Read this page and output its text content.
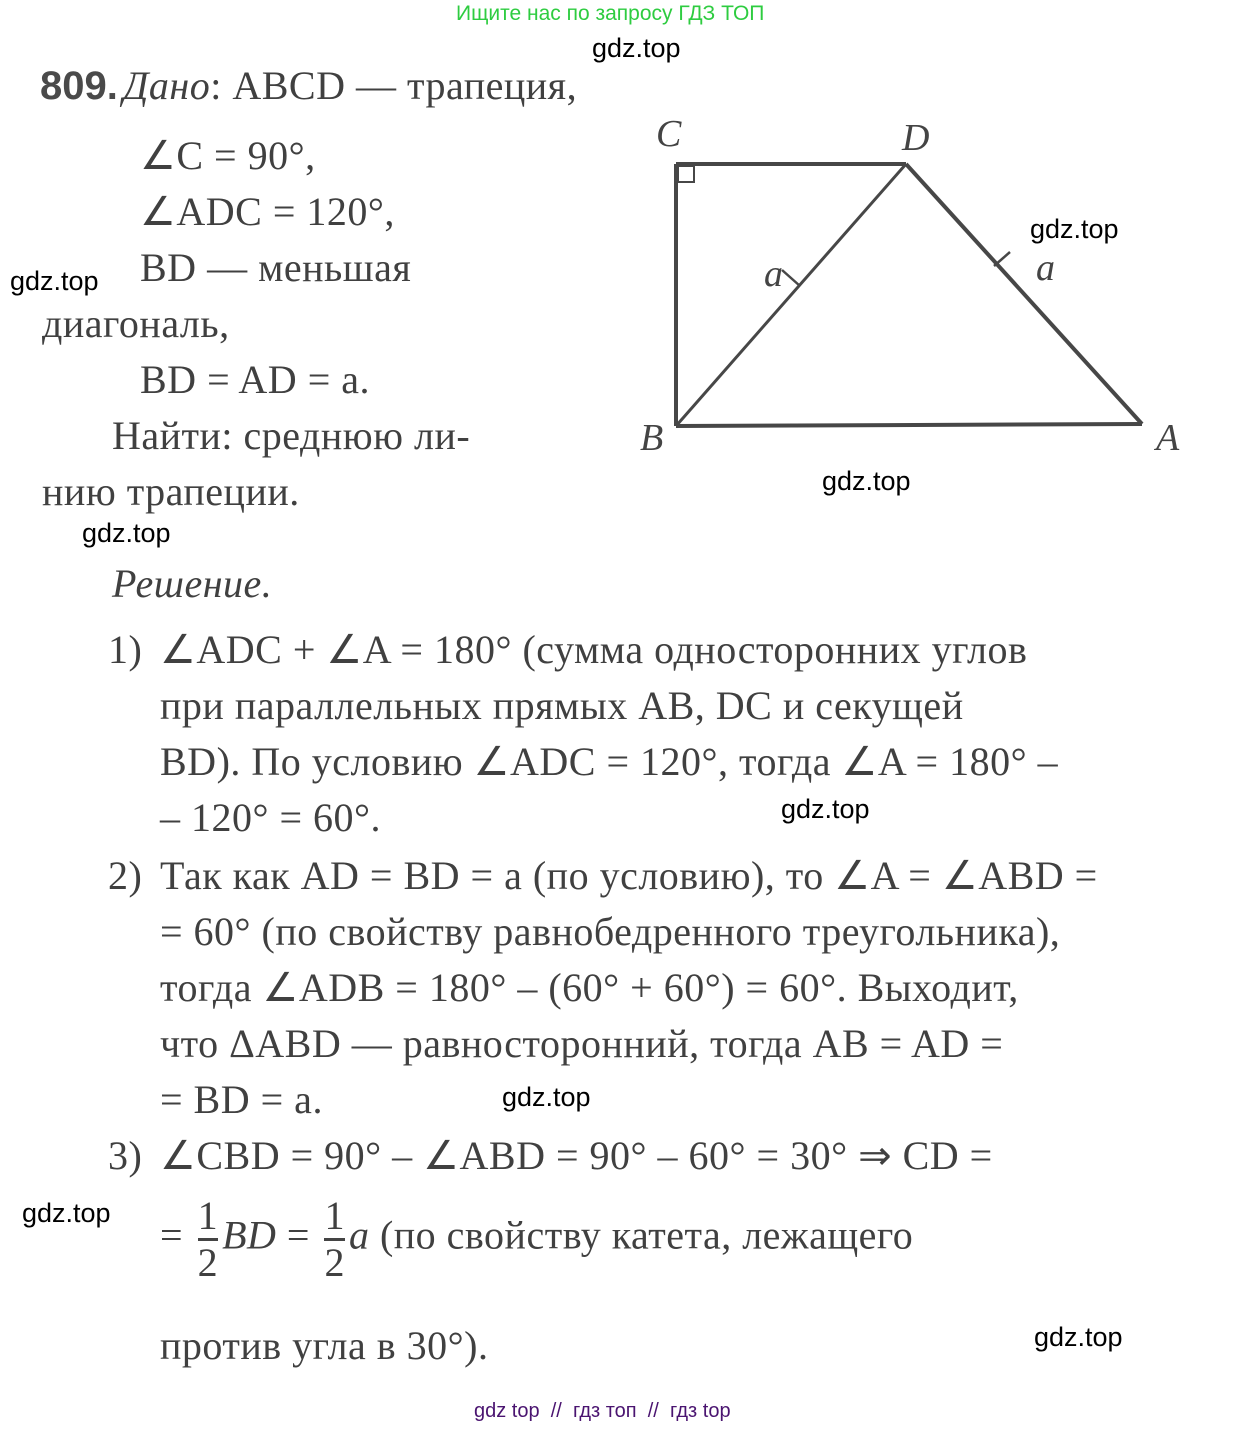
Ищите нас по запросу ГДЗ ТОП
gdz.top
gdz.top
gdz.top
gdz.top
gdz.top
gdz.top
gdz.top
gdz.top
gdz.top
809. Дано: ABCD — трапеция,
∠C = 90°,
∠ADC = 120°,
BD — меньшая
диагональ,
BD = AD = a.
Найти: среднюю ли-
нию трапеции.
C	D
B	A
a	a
Решение.
1) ∠ADC + ∠A = 180° (сумма односторонних углов
при параллельных прямых AB, DC и секущей
BD). По условию ∠ADC = 120°, тогда ∠A = 180° –
– 120° = 60°.
2) Так как AD = BD = a (по условию), то ∠A = ∠ABD =
= 60° (по свойству равнобедренного треугольника),
тогда ∠ADB = 180° – (60° + 60°) = 60°. Выходит,
что ΔABD — равносторонний, тогда AB = AD =
= BD = a.
3) ∠CBD = 90° – ∠ABD = 90° – 60° = 30° ⇒ CD =
= $\frac{1}{2}$ BD = $\frac{1}{2}$ a (по свойству катета, лежащего
против угла в 30°).
gdz top  //  гдз топ  //  гдз top
